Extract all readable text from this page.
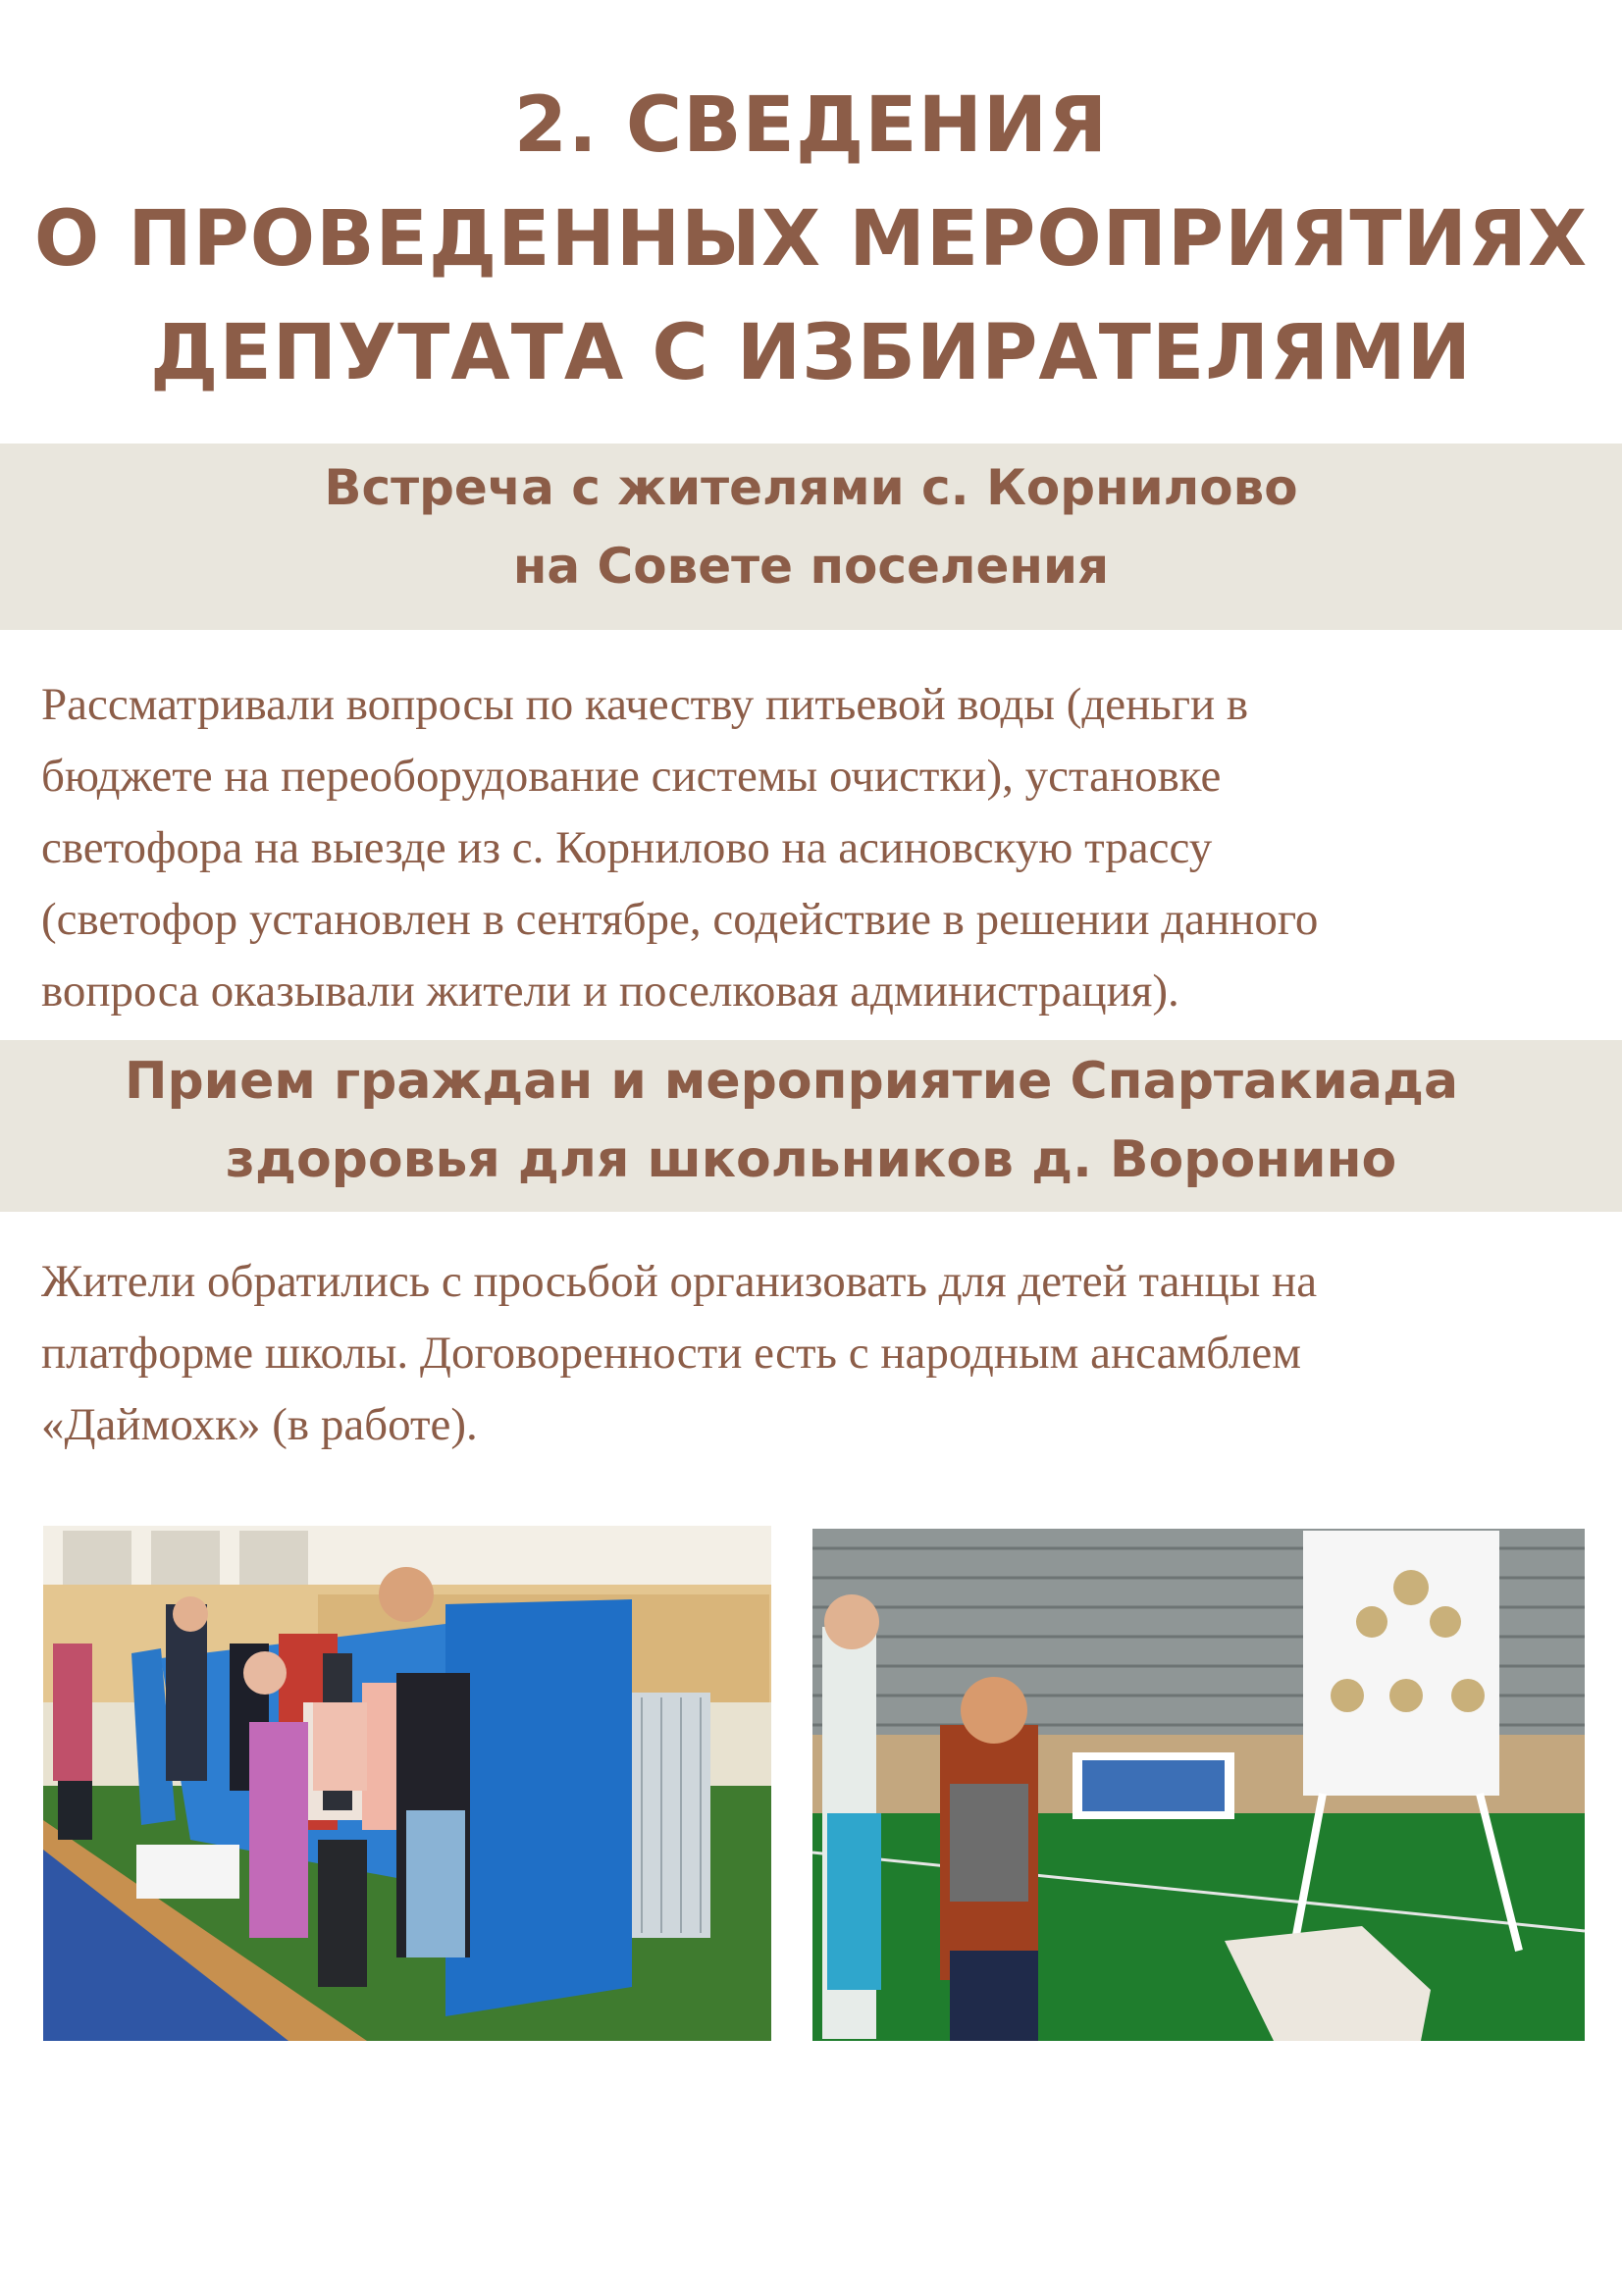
2. СВЕДЕНИЯ
О ПРОВЕДЕННЫХ МЕРОПРИЯТИЯХ
ДЕПУТАТА С ИЗБИРАТЕЛЯМИ
Встреча с жителями с. Корнилово
на Совете поселения
Рассматривали вопросы по качеству питьевой воды (деньги в
бюджете на переоборудование системы очистки), установке
светофора на выезде из с. Корнилово на асиновскую трассу
(светофор установлен в сентябре, содействие в решении данного
вопроса оказывали жители и поселковая администрация).
Прием граждан и мероприятие Спартакиада
здоровья для школьников д. Воронино
Жители обратились с просьбой организовать для детей танцы на
платформе школы. Договоренности есть с народным ансамблем
«Даймохк» (в работе).
